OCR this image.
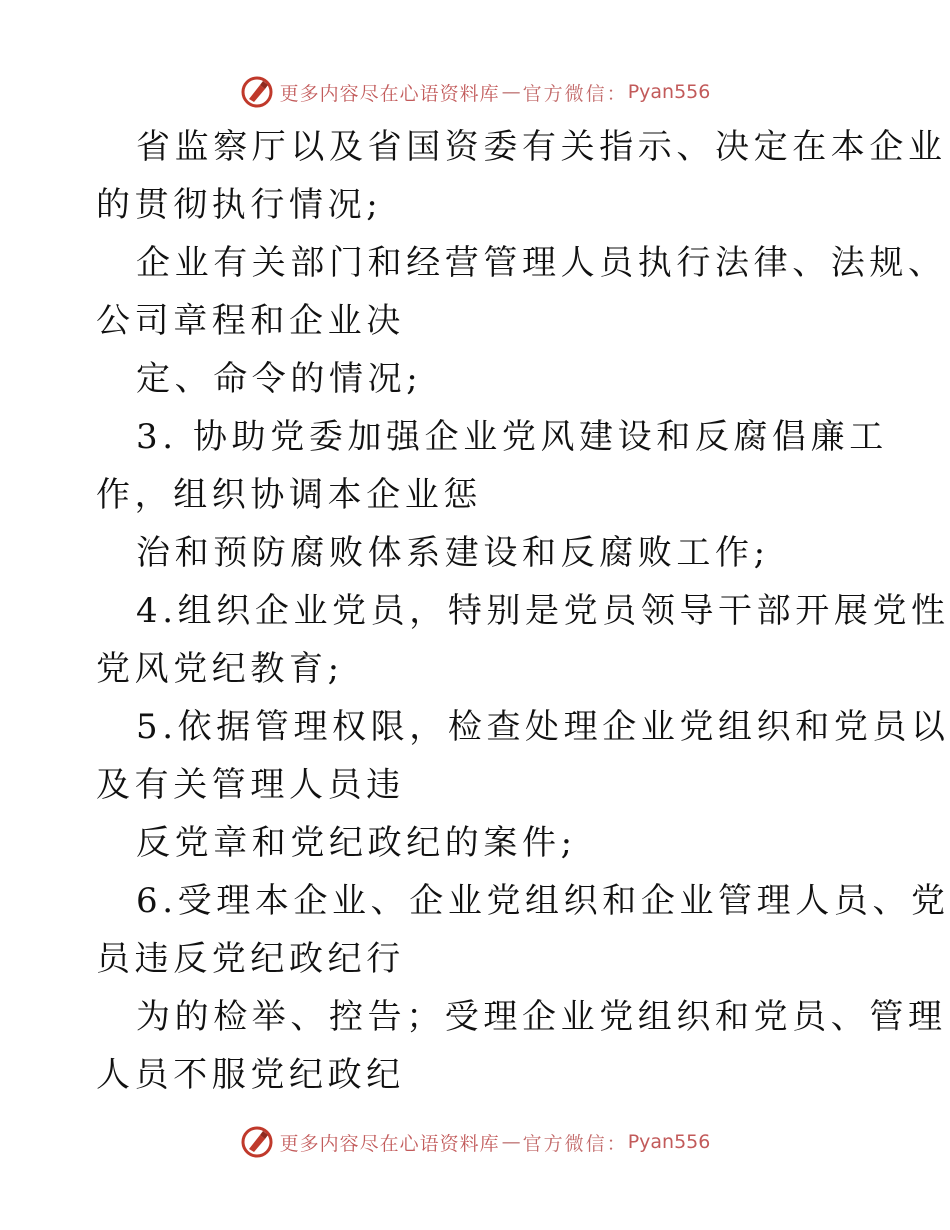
更多内容尽在心语资料库 — 官方微信： Pyan556
省监察厅以及省国资委有关指示、决定在本企业
的贯彻执行情况;
企业有关部门和经营管理人员执行法律、法规、
公司章程和企业决
定、命令的情况;
3. 协助党委加强企业党风建设和反腐倡廉工
作，组织协调本企业惩
治和预防腐败体系建设和反腐败工作;
4.组织企业党员，特别是党员领导干部开展党性
党风党纪教育;
5.依据管理权限，检查处理企业党组织和党员以
及有关管理人员违
反党章和党纪政纪的案件;
6.受理本企业、企业党组织和企业管理人员、党
员违反党纪政纪行
为的检举、控告；受理企业党组织和党员、管理
人员不服党纪政纪
更多内容尽在心语资料库 — 官方微信： Pyan556
